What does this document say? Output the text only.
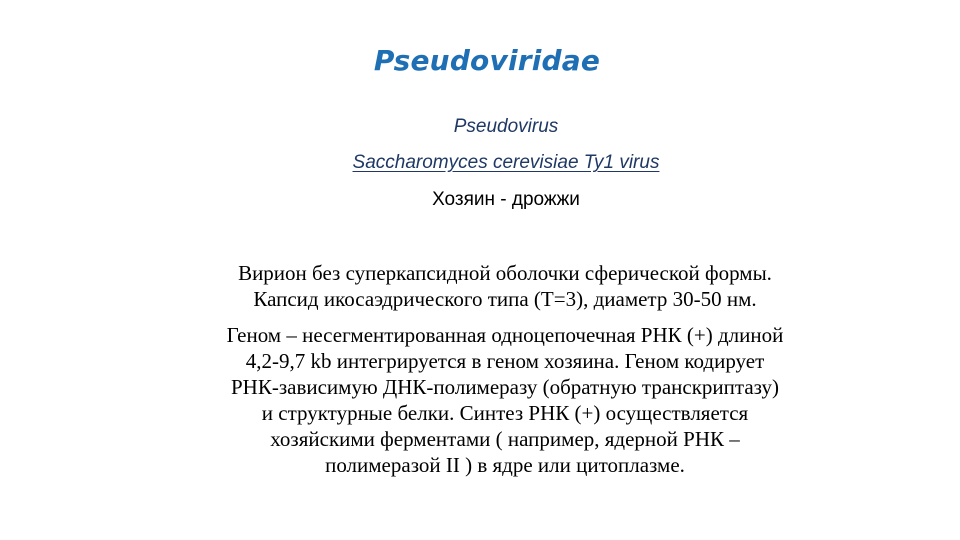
Pseudoviridae
Pseudovirus
Saccharomyces cerevisiae Ty1 virus
Хозяин - дрожжи

Вирион без суперкапсидной оболочки сферической формы.
Капсид икосаэдрического типа (Т=3), диаметр 30-50 нм.

Геном – несегментированная одноцепочечная РНК (+) длиной
4,2-9,7 kb интегрируется в геном хозяина. Геном кодирует
РНК-зависимую ДНК-полимеразу (обратную транскриптазу)
и структурные белки. Синтез РНК (+) осуществляется
хозяйскими ферментами ( например, ядерной РНК –
полимеразой II ) в ядре или цитоплазме.
